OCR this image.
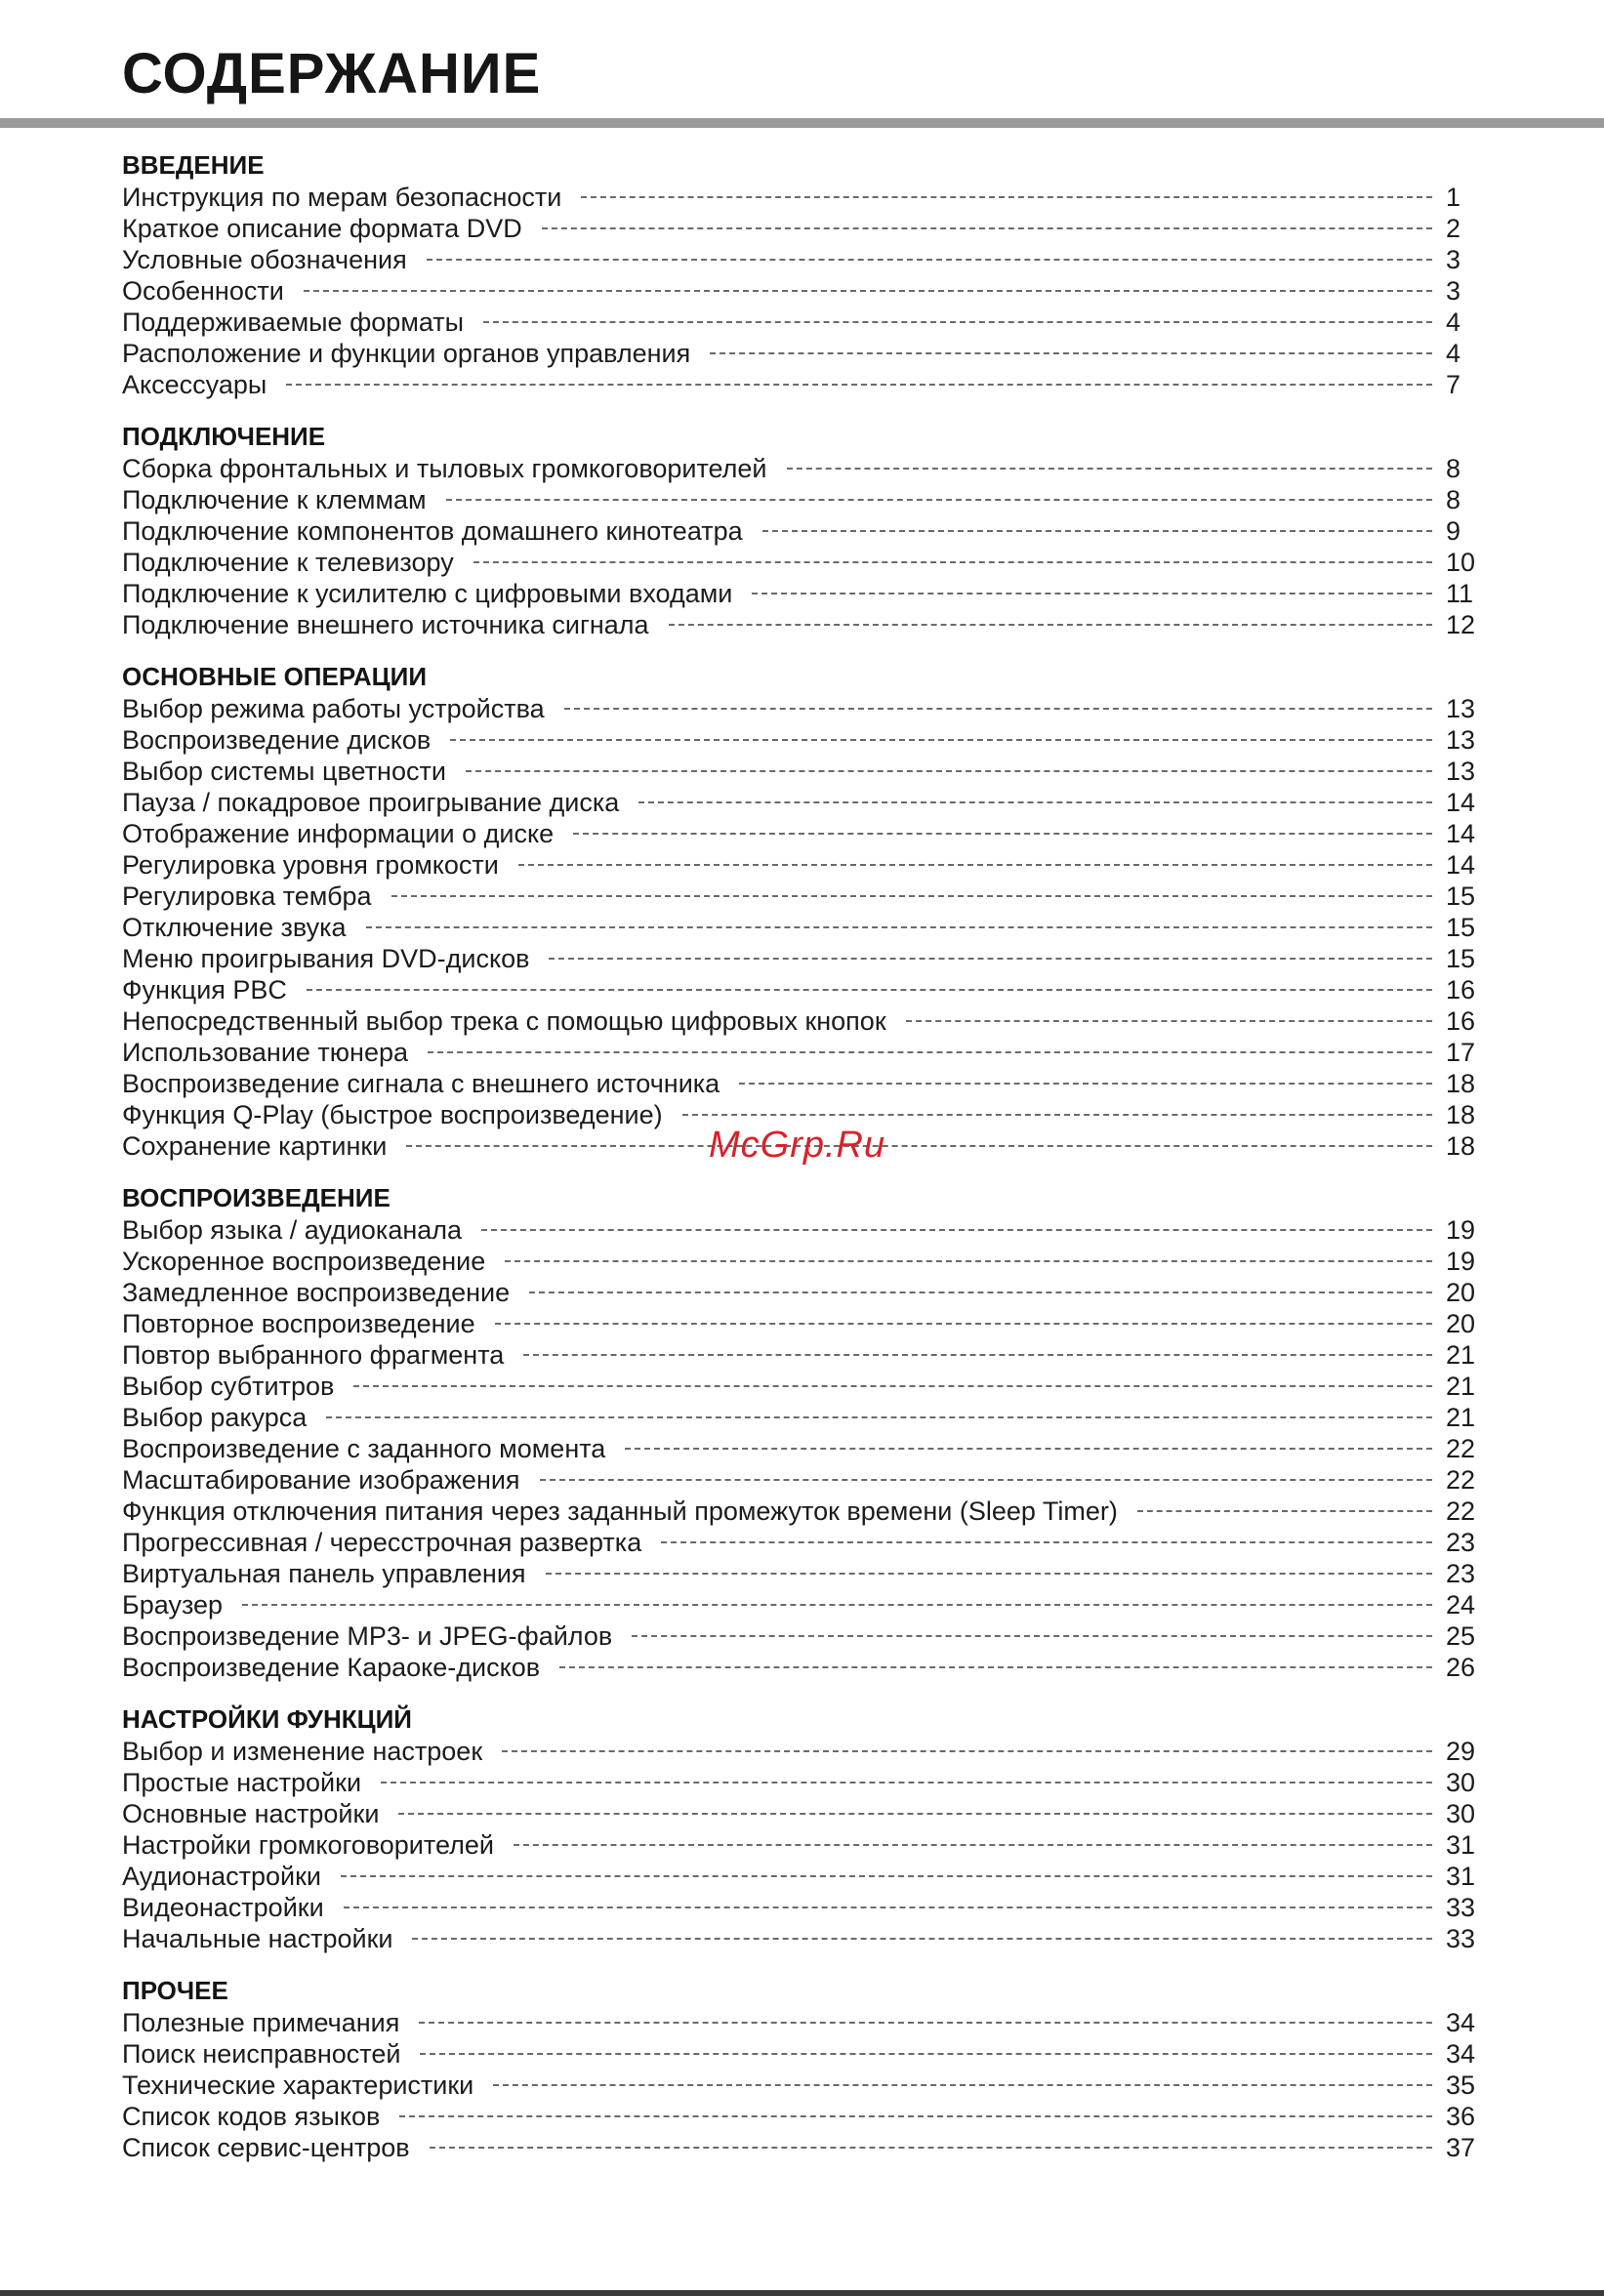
СОДЕРЖАНИЕ
ВВЕДЕНИЕ
Инструкция по мерам безопасности	1
Краткое описание формата DVD	2
Условные обозначения	3
Особенности	3
Поддерживаемые форматы	4
Расположение и функции органов управления	4
Аксессуары	7
ПОДКЛЮЧЕНИЕ
Сборка фронтальных и тыловых громкоговорителей	8
Подключение к клеммам	8
Подключение компонентов домашнего кинотеатра	9
Подключение к телевизору	10
Подключение к усилителю с цифровыми входами	11
Подключение внешнего источника сигнала	12
ОСНОВНЫЕ ОПЕРАЦИИ
Выбор режима работы устройства	13
Воспроизведение дисков	13
Выбор системы цветности	13
Пауза / покадровое проигрывание диска	14
Отображение информации о диске	14
Регулировка уровня громкости	14
Регулировка тембра	15
Отключение звука	15
Меню проигрывания DVD-дисков	15
Функция PBC	16
Непосредственный выбор трека с помощью цифровых кнопок	16
Использование тюнера	17
Воспроизведение сигнала с внешнего источника	18
Функция Q-Play (быстрое воспроизведение)	18
Сохранение картинки	18
ВОСПРОИЗВЕДЕНИЕ
Выбор языка / аудиоканала	19
Ускоренное воспроизведение	19
Замедленное воспроизведение	20
Повторное воспроизведение	20
Повтор выбранного фрагмента	21
Выбор субтитров	21
Выбор ракурса	21
Воспроизведение с заданного момента	22
Масштабирование изображения	22
Функция отключения питания через заданный промежуток времени (Sleep Timer)	22
Прогрессивная / чересстрочная развертка	23
Виртуальная панель управления	23
Браузер	24
Воспроизведение MP3- и JPEG-файлов	25
Воспроизведение Караоке-дисков	26
НАСТРОЙКИ ФУНКЦИЙ
Выбор и изменение настроек	29
Простые настройки	30
Основные настройки	30
Настройки громкоговорителей	31
Аудионастройки	31
Видеонастройки	33
Начальные настройки	33
ПРОЧЕЕ
Полезные примечания	34
Поиск неисправностей	34
Технические характеристики	35
Список кодов языков	36
Список сервис-центров	37
McGrp.Ru
